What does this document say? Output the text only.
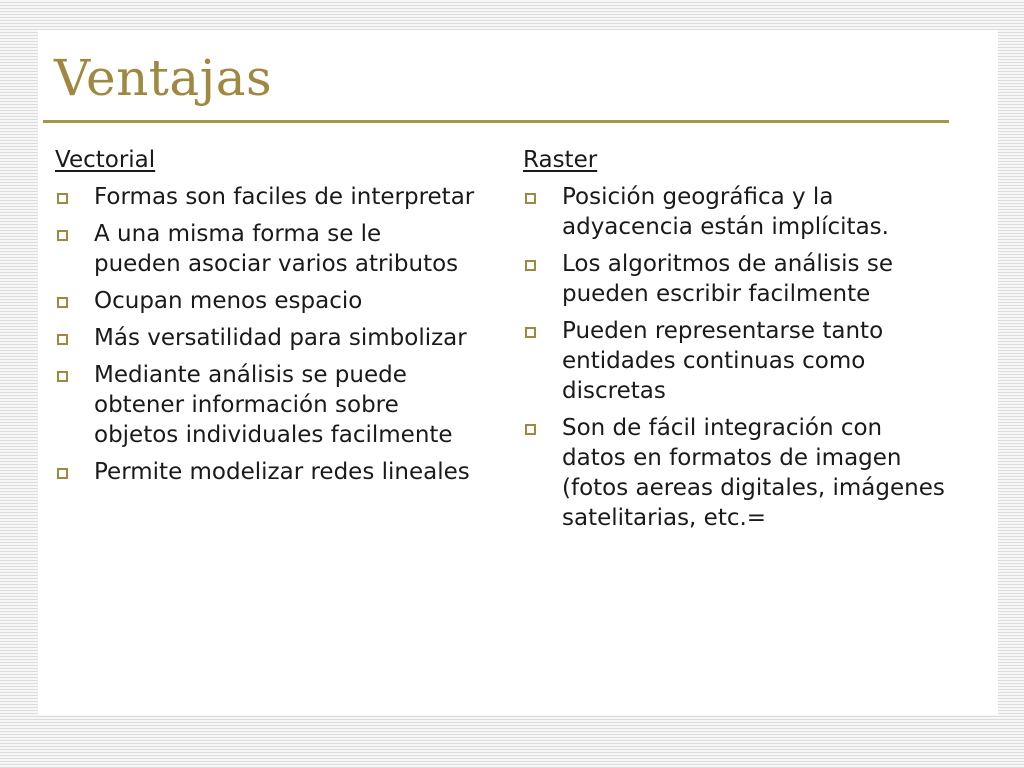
Ventajas
Vectorial
Formas son faciles de interpretar
A una misma forma se le pueden asociar varios atributos
Ocupan menos espacio
Más versatilidad para simbolizar
Mediante análisis se puede obtener información sobre objetos individuales facilmente
Permite modelizar redes lineales
Raster
Posición geográfica y la adyacencia están implícitas.
Los algoritmos de análisis se pueden escribir facilmente
Pueden representarse tanto entidades continuas como discretas
Son de fácil integración con datos en formatos de imagen (fotos aereas digitales, imágenes satelitarias, etc.=
